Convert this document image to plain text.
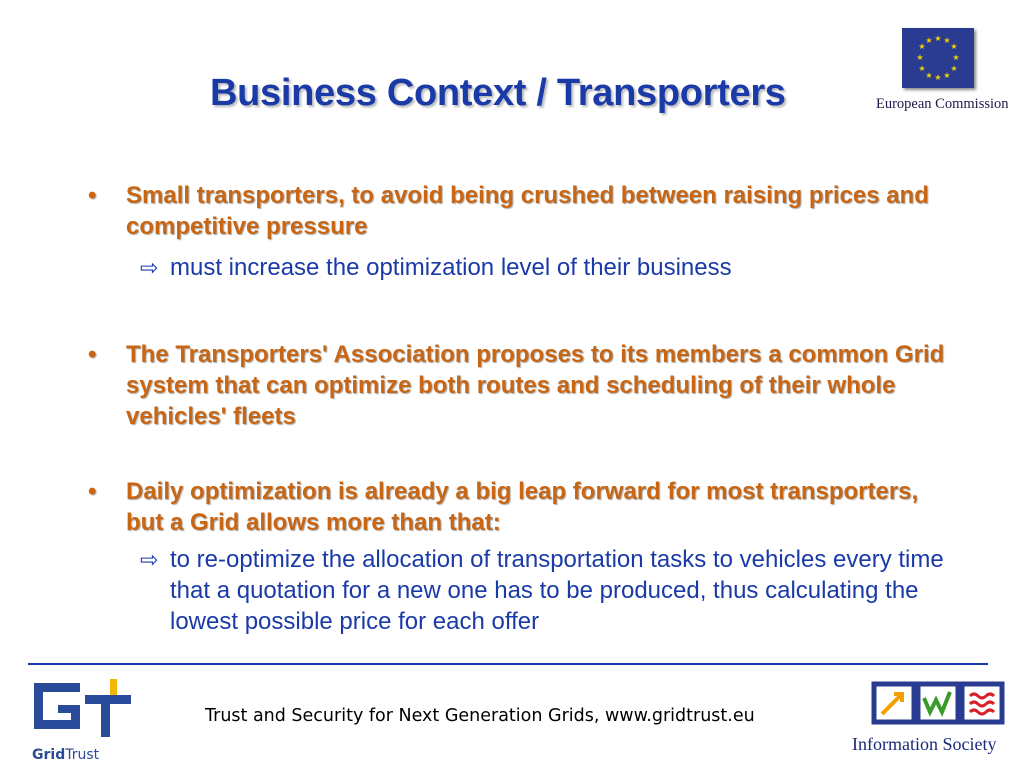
Business Context / Transporters
★ ★
★
★
★
★
★
★
★
★
★
★
European Commission
• Small transporters, to avoid being crushed between raising prices and competitive pressure
⇨ must increase the optimization level of their business
• The Transporters' Association proposes to its members a common Grid system that can optimize both routes and scheduling of their whole vehicles' fleets
• Daily optimization is already a big leap forward for most transporters, but a Grid allows more than that:
⇨ to re-optimize the allocation of transportation tasks to vehicles every time that a quotation for a new one has to be produced, thus calculating the lowest possible price for each offer
GridTrust
Trust and Security for Next Generation Grids, www.gridtrust.eu
Information Society
